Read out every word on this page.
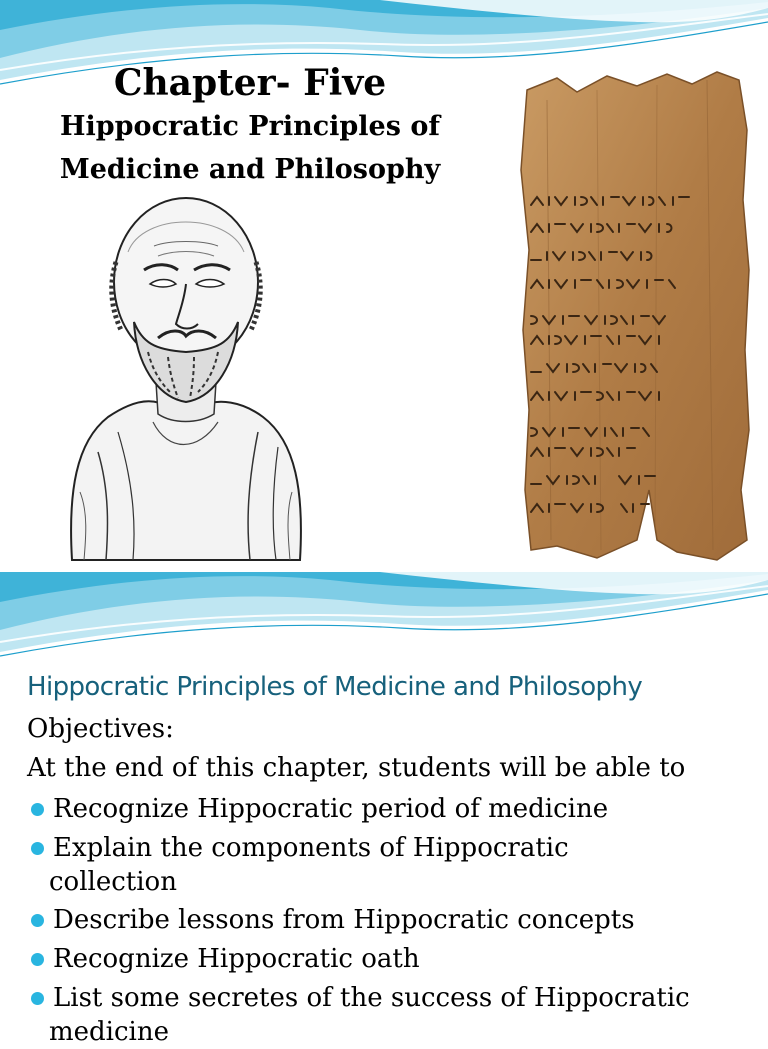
Chapter- Five
Hippocratic Principles of
Medicine and Philosophy
Hippocratic Principles of Medicine and Philosophy
Objectives:
At the end of this chapter, students will be able to
Recognize Hippocratic period of medicine
Explain the components of Hippocratic
collection
Describe lessons from Hippocratic concepts
Recognize Hippocratic oath
List some secretes of the success of Hippocratic
medicine
